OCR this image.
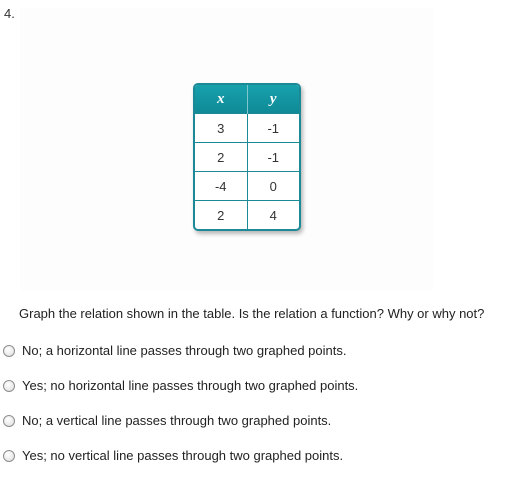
4.
x	y
3	-1
2	-1
-4	0
2	4
Graph the relation shown in the table. Is the relation a function? Why or why not?
No; a horizontal line passes through two graphed points.
Yes; no horizontal line passes through two graphed points.
No; a vertical line passes through two graphed points.
Yes; no vertical line passes through two graphed points.
